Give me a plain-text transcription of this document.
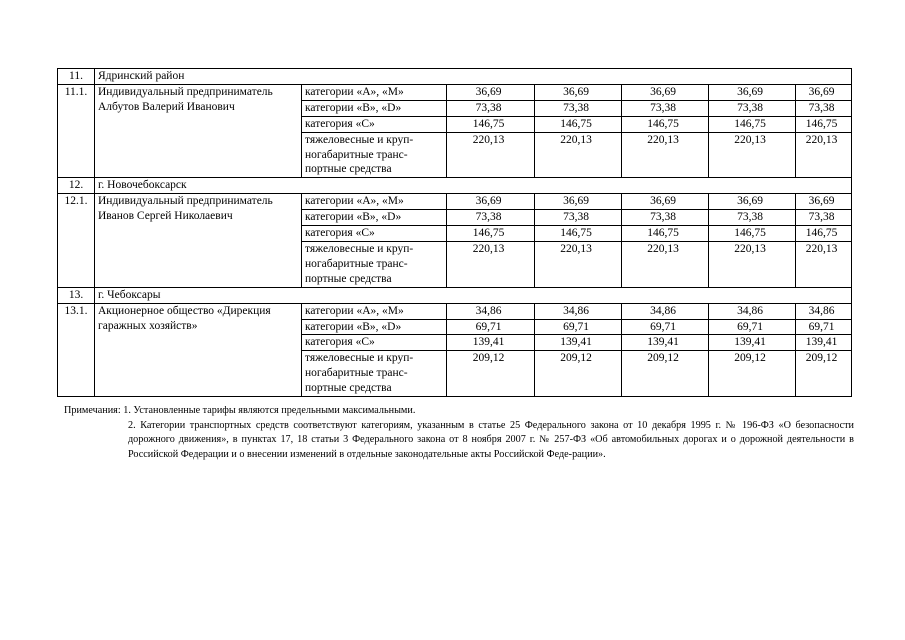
11.	Ядринский район						
11.1.	Индивидуальный предприниматель Албутов Валерий Иванович	категории «A», «M»	36,69	36,69	36,69	36,69	36,69
		категории «B», «D»	73,38	73,38	73,38	73,38	73,38
		категория «C»	146,75	146,75	146,75	146,75	146,75
		тяжеловесные и круп-
ногабаритные транс-
портные средства	220,13	220,13	220,13	220,13	220,13
12.	г. Новочебоксарск						
12.1.	Индивидуальный предприниматель Иванов Сергей Николаевич	категории «A», «M»	36,69	36,69	36,69	36,69	36,69
		категории «B», «D»	73,38	73,38	73,38	73,38	73,38
		категория «C»	146,75	146,75	146,75	146,75	146,75
		тяжеловесные и круп-
ногабаритные транс-
портные средства	220,13	220,13	220,13	220,13	220,13
13.	г. Чебоксары						
13.1.	Акционерное общество «Дирекция гаражных хозяйств»	категории «A», «M»	34,86	34,86	34,86	34,86	34,86
		категории «B», «D»	69,71	69,71	69,71	69,71	69,71
		категория «C»	139,41	139,41	139,41	139,41	139,41
		тяжеловесные и круп-
ногабаритные транс-
портные средства	209,12	209,12	209,12	209,12	209,12
Примечания: 1. Установленные тарифы являются предельными максимальными.
2. Категории транспортных средств соответствуют категориям, указанным в статье 25 Федерального закона от 10 декабря 1995 г. № 196-ФЗ «О безопасности дорожного движения», в пунктах 17, 18 статьи 3 Федерального закона от 8 ноября 2007 г. № 257-ФЗ «Об автомобильных дорогах и о дорожной деятельности в Российской Федерации и о внесении изменений в отдельные законодательные акты Российской Феде-рации».
